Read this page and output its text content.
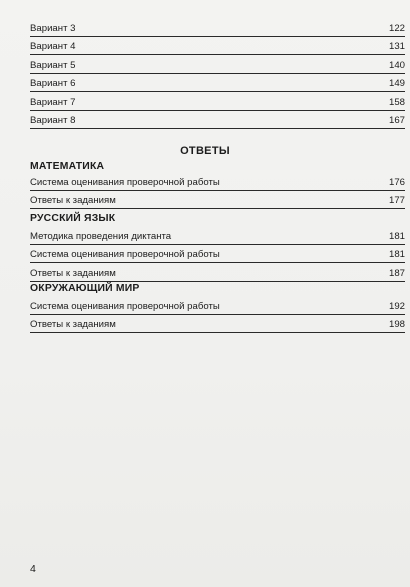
Вариант 3	122
Вариант 4	131
Вариант 5	140
Вариант 6	149
Вариант 7	158
Вариант 8	167
ОТВЕТЫ
МАТЕМАТИКА
Система оценивания проверочной работы	176
Ответы к заданиям	177
РУССКИЙ ЯЗЫК
Методика проведения диктанта	181
Система оценивания проверочной работы	181
Ответы к заданиям	187
ОКРУЖАЮЩИЙ МИР
Система оценивания проверочной работы	192
Ответы к заданиям	198
4
